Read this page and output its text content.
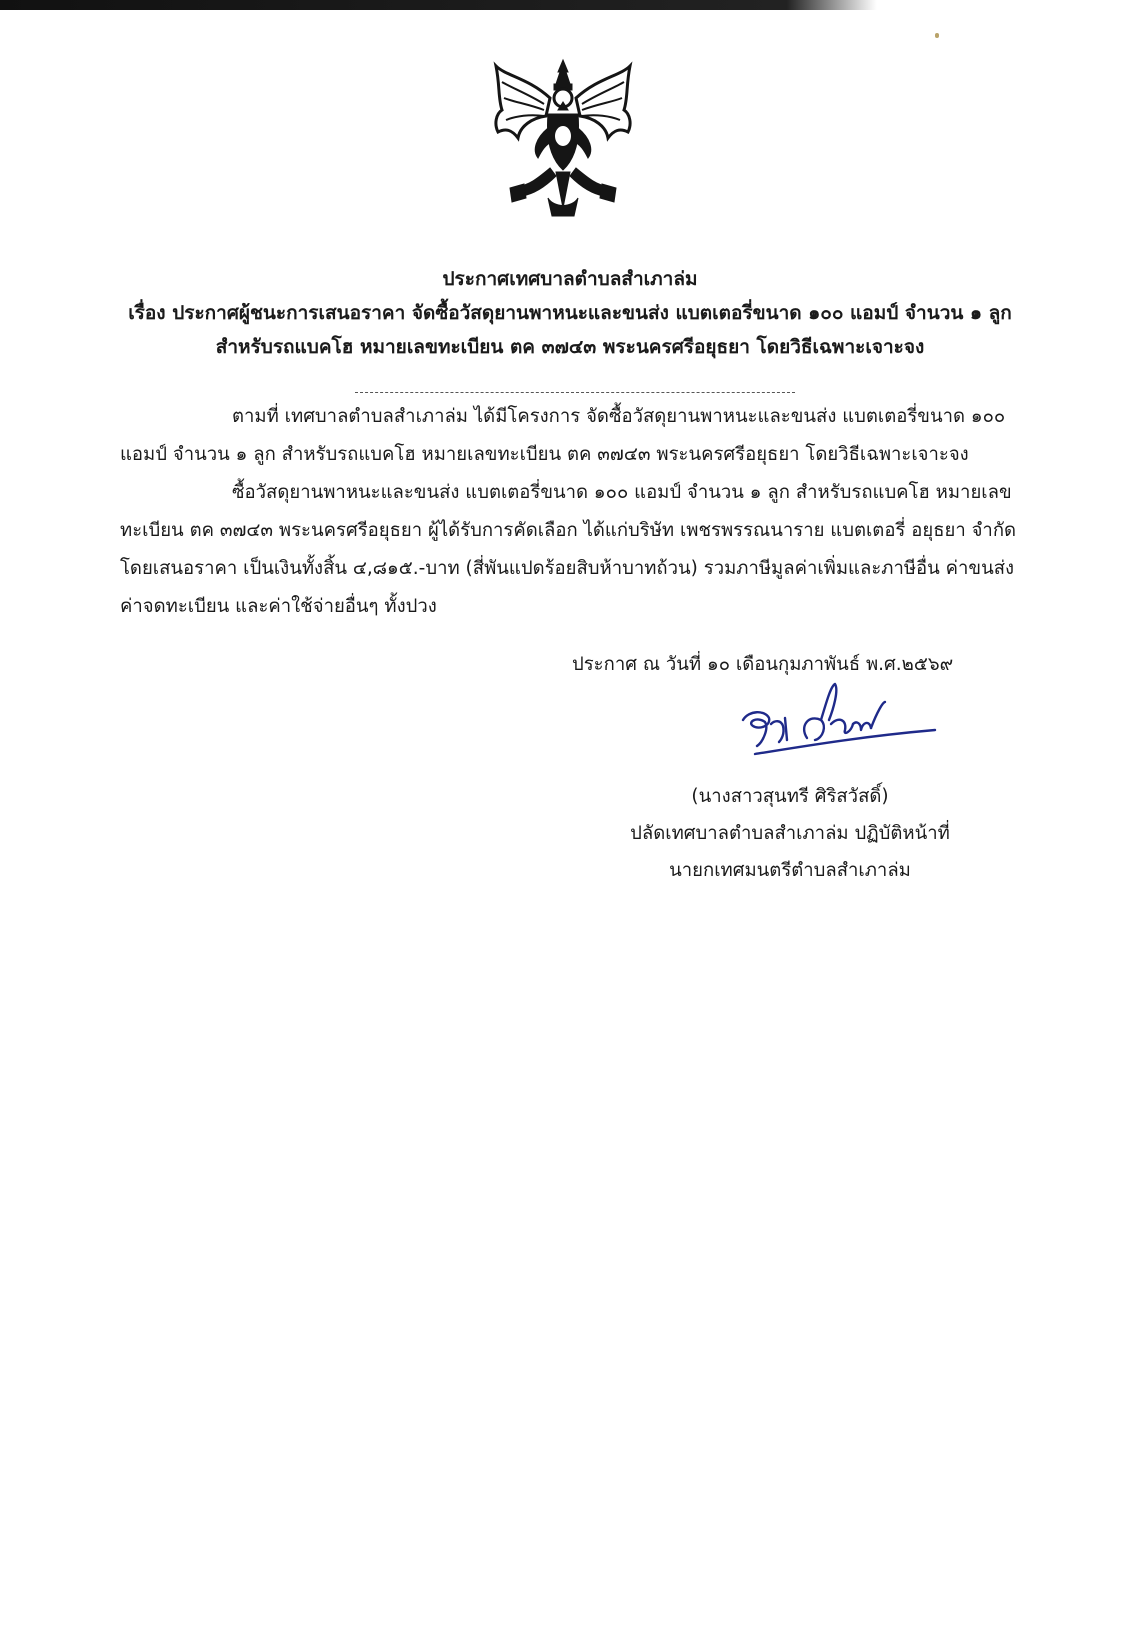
ประกาศเทศบาลตำบลสำเภาล่ม
เรื่อง ประกาศผู้ชนะการเสนอราคา จัดซื้อวัสดุยานพาหนะและขนส่ง แบตเตอรี่ขนาด ๑๐๐ แอมป์ จำนวน ๑ ลูก
สำหรับรถแบคโฮ หมายเลขทะเบียน ตค ๓๗๔๓ พระนครศรีอยุธยา โดยวิธีเฉพาะเจาะจง

ตามที่ เทศบาลตำบลสำเภาล่ม ได้มีโครงการ จัดซื้อวัสดุยานพาหนะและขนส่ง แบตเตอรี่ขนาด ๑๐๐

แอมป์ จำนวน ๑ ลูก สำหรับรถแบคโฮ หมายเลขทะเบียน ตค ๓๗๔๓ พระนครศรีอยุธยา โดยวิธีเฉพาะเจาะจง

ซื้อวัสดุยานพาหนะและขนส่ง แบตเตอรี่ขนาด ๑๐๐ แอมป์ จำนวน ๑ ลูก สำหรับรถแบคโฮ หมายเลข

ทะเบียน ตค ๓๗๔๓ พระนครศรีอยุธยา ผู้ได้รับการคัดเลือก ได้แก่บริษัท เพชรพรรณนาราย แบตเตอรี่ อยุธยา จำกัด

โดยเสนอราคา เป็นเงินทั้งสิ้น ๔,๘๑๕.-บาท (สี่พันแปดร้อยสิบห้าบาทถ้วน) รวมภาษีมูลค่าเพิ่มและภาษีอื่น ค่าขนส่ง

ค่าจดทะเบียน และค่าใช้จ่ายอื่นๆ ทั้งปวง

ประกาศ ณ วันที่ ๑๐ เดือนกุมภาพันธ์ พ.ศ.๒๕๖๙
(นางสาวสุนทรี ศิริสวัสดิ์)
ปลัดเทศบาลตำบลสำเภาล่ม ปฏิบัติหน้าที่
นายกเทศมนตรีตำบลสำเภาล่ม
